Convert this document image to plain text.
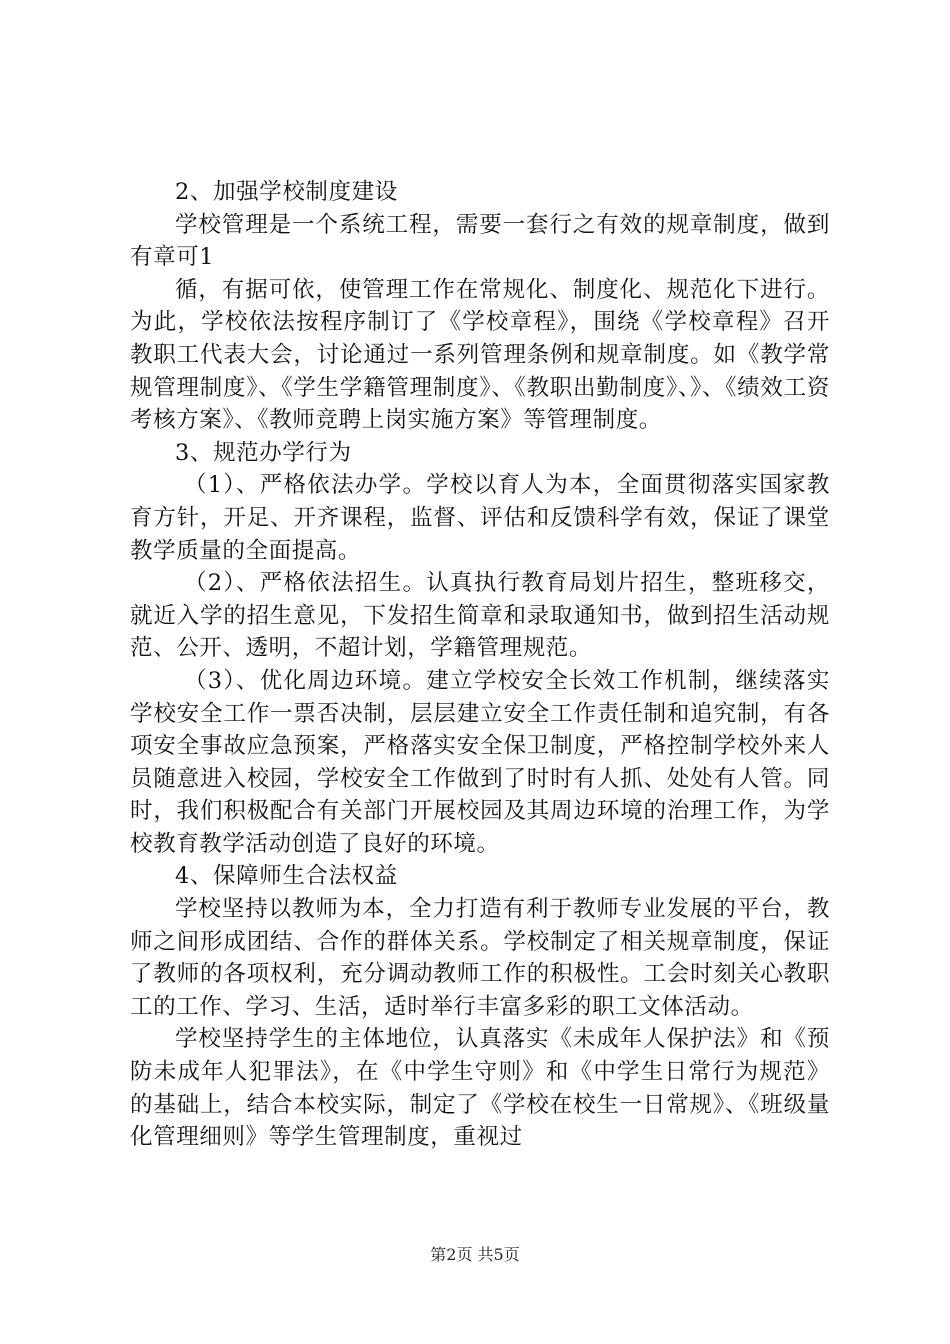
2、加强学校制度建设

学校管理是一个系统工程，需要一套行之有效的规章制度，做到有章可1

循，有据可依，使管理工作在常规化、制度化、规范化下进行。为此，学校依法按程序制订了《学校章程》，围绕《学校章程》召开教职工代表大会，讨论通过一系列管理条例和规章制度。如《教学常规管理制度》、《学生学籍管理制度》、《教职出勤制度》、》、《绩效工资考核方案》、《教师竞聘上岗实施方案》等管理制度。

3、规范办学行为

（1）、严格依法办学。学校以育人为本，全面贯彻落实国家教育方针，开足、开齐课程，监督、评估和反馈科学有效，保证了课堂教学质量的全面提高。

（2）、严格依法招生。认真执行教育局划片招生，整班移交，就近入学的招生意见，下发招生简章和录取通知书，做到招生活动规范、公开、透明，不超计划，学籍管理规范。

（3）、优化周边环境。建立学校安全长效工作机制，继续落实学校安全工作一票否决制，层层建立安全工作责任制和追究制，有各项安全事故应急预案，严格落实安全保卫制度，严格控制学校外来人员随意进入校园，学校安全工作做到了时时有人抓、处处有人管。同时，我们积极配合有关部门开展校园及其周边环境的治理工作，为学校教育教学活动创造了良好的环境。

4、保障师生合法权益

学校坚持以教师为本，全力打造有利于教师专业发展的平台，教师之间形成团结、合作的群体关系。学校制定了相关规章制度，保证了教师的各项权利，充分调动教师工作的积极性。工会时刻关心教职工的工作、学习、生活，适时举行丰富多彩的职工文体活动。

学校坚持学生的主体地位，认真落实《未成年人保护法》和《预防未成年人犯罪法》，在《中学生守则》和《中学生日常行为规范》的基础上，结合本校实际，制定了《学校在校生一日常规》、《班级量化管理细则》等学生管理制度，重视过

第2页 共5页
